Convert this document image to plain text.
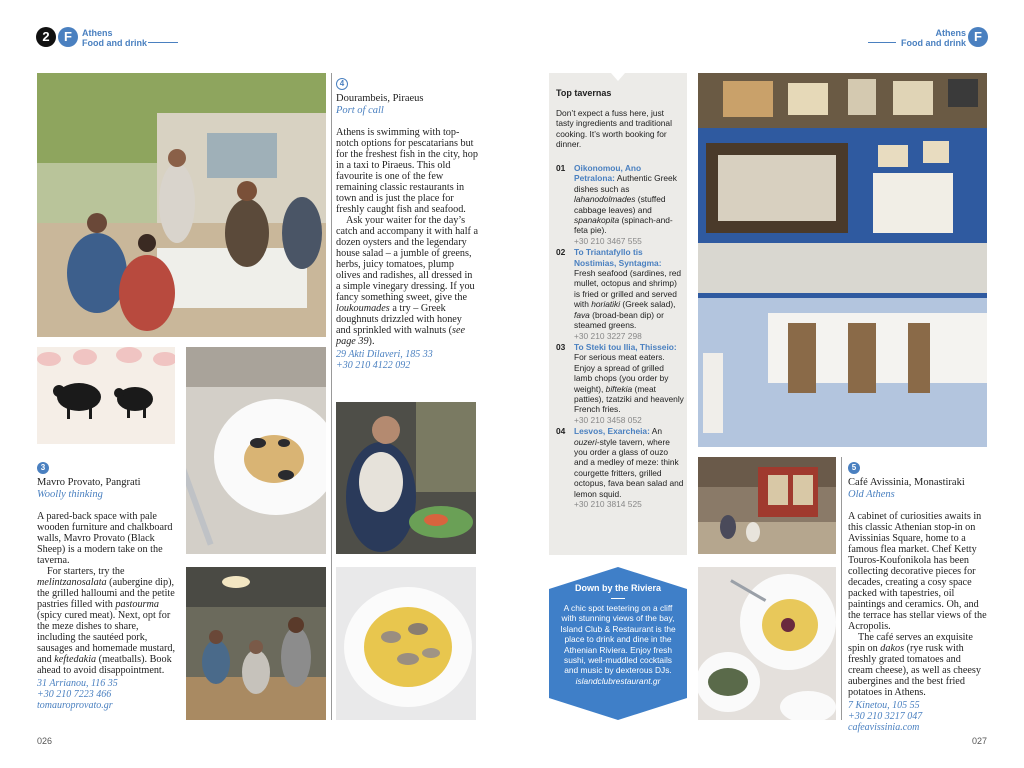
2	F	Athens
Food and drink
Athens
Food and drink F
3
Mavro Provato, Pangrati
Woolly thinking

A pared-back space with pale wooden furniture and chalkboard walls, Mavro Provato (Black Sheep) is a modern take on the taverna.

For starters, try the melintzanosalata (aubergine dip), the grilled halloumi and the petite pastries filled with pastourma (spicy cured meat). Next, opt for the meze dishes to share, including the sautéed pork, sausages and homemade mustard, and keftedakia (meatballs). Book ahead to avoid disappointment.

31 Arrianou, 116 35
+30 210 7223 466
tomauroprovato.gr
4
Dourambeis, Piraeus
Port of call

Athens is swimming with top-notch options for pescatarians but for the freshest fish in the city, hop in a taxi to Piraeus. This old favourite is one of the few remaining classic restaurants in town and is just the place for freshly caught fish and seafood.

Ask your waiter for the day’s catch and accompany it with half a dozen oysters and the legendary house salad – a jumble of greens, herbs, juicy tomatoes, plump olives and radishes, all dressed in a simple vinegary dressing. If you fancy something sweet, give the loukoumades a try – Greek doughnuts drizzled with honey and sprinkled with walnuts (see page 39).

29 Akti Dilaveri, 185 33
+30 210 4122 092
Top tavernas
Don’t expect a fuss here, just tasty ingredients and traditional cooking. It’s worth booking for dinner.
01	Oikonomou, Ano Petralona: Authentic Greek dishes such as lahanodolmades (stuffed cabbage leaves) and spanakopita (spinach-and-feta pie).
+30 210 3467 555
02	To Triantafyllo tis Nostimias, Syntagma: Fresh seafood (sardines, red mullet, octopus and shrimp) is fried or grilled and served with horiatiki (Greek salad), fava (broad-bean dip) or steamed greens.
+30 210 3227 298
03	To Steki tou Ilia, Thisseio: For serious meat eaters. Enjoy a spread of grilled lamb chops (you order by weight), biftekia (meat patties), tzatziki and heavenly French fries.
+30 210 3458 052
04	Lesvos, Exarcheia: An ouzeri-style tavern, where you order a glass of ouzo and a medley of meze: think courgette fritters, grilled octopus, fava bean salad and lemon squid.
+30 210 3814 525
Down by the Riviera
A chic spot teetering on a cliff with stunning views of the bay, Island Club & Restaurant is the place to drink and dine in the Athenian Riviera. Enjoy fresh sushi, well-muddled cocktails and music by dexterous DJs.
islandclubrestaurant.gr
5
Café Avissinia, Monastiraki
Old Athens

A cabinet of curiosities awaits in this classic Athenian stop-in on Avissinias Square, home to a famous flea market. Chef Ketty Touros-Koufonikola has been collecting decorative pieces for decades, creating a cosy space packed with tapestries, oil paintings and ceramics. Oh, and the terrace has stellar views of the Acropolis.

The café serves an exquisite spin on dakos (rye rusk with freshly grated tomatoes and cream cheese), as well as cheesy aubergines and the best fried potatoes in Athens.

7 Kinetou, 105 55
+30 210 3217 047
cafeavissinia.com
026	027
